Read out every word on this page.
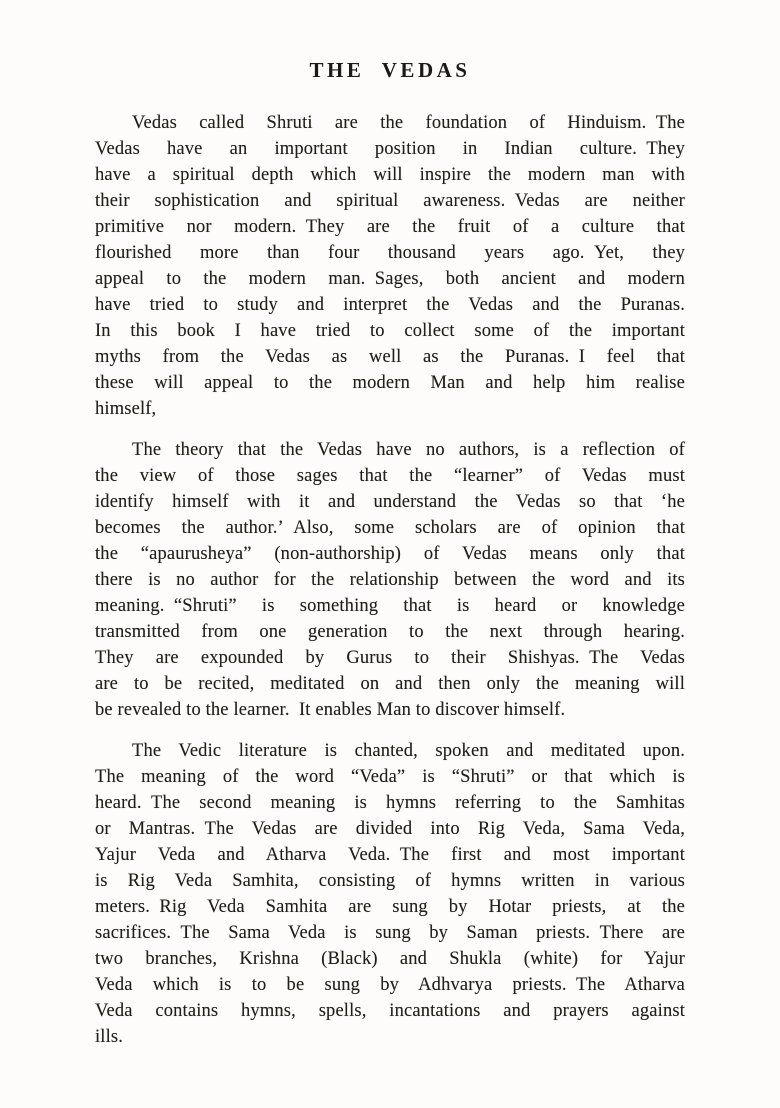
THE VEDAS
Vedas called Shruti are the foundation of Hinduism. The
Vedas have an important position in Indian culture. They
have a spiritual depth which will inspire the modern man with
their sophistication and spiritual awareness. Vedas are neither
primitive nor modern. They are the fruit of a culture that
flourished more than four thousand years ago. Yet, they
appeal to the modern man. Sages, both ancient and modern
have tried to study and interpret the Vedas and the Puranas.
In this book I have tried to collect some of the important
myths from the Vedas as well as the Puranas. I feel that
these will appeal to the modern Man and help him realise
himself,
The theory that the Vedas have no authors, is a reflection of
the view of those sages that the “learner” of Vedas must
identify himself with it and understand the Vedas so that ‘he
becomes the author.’ Also, some scholars are of opinion that
the “apaurusheya” (non-authorship) of Vedas means only that
there is no author for the relationship between the word and its
meaning. “Shruti” is something that is heard or knowledge
transmitted from one generation to the next through hearing.
They are expounded by Gurus to their Shishyas. The Vedas
are to be recited, meditated on and then only the meaning will
be revealed to the learner. It enables Man to discover himself.
The Vedic literature is chanted, spoken and meditated upon.
The meaning of the word “Veda” is “Shruti” or that which is
heard. The second meaning is hymns referring to the Samhitas
or Mantras. The Vedas are divided into Rig Veda, Sama Veda,
Yajur Veda and Atharva Veda. The first and most important
is Rig Veda Samhita, consisting of hymns written in various
meters. Rig Veda Samhita are sung by Hotar priests, at the
sacrifices. The Sama Veda is sung by Saman priests. There are
two branches, Krishna (Black) and Shukla (white) for Yajur
Veda which is to be sung by Adhvarya priests. The Atharva
Veda contains hymns, spells, incantations and prayers against
ills.
